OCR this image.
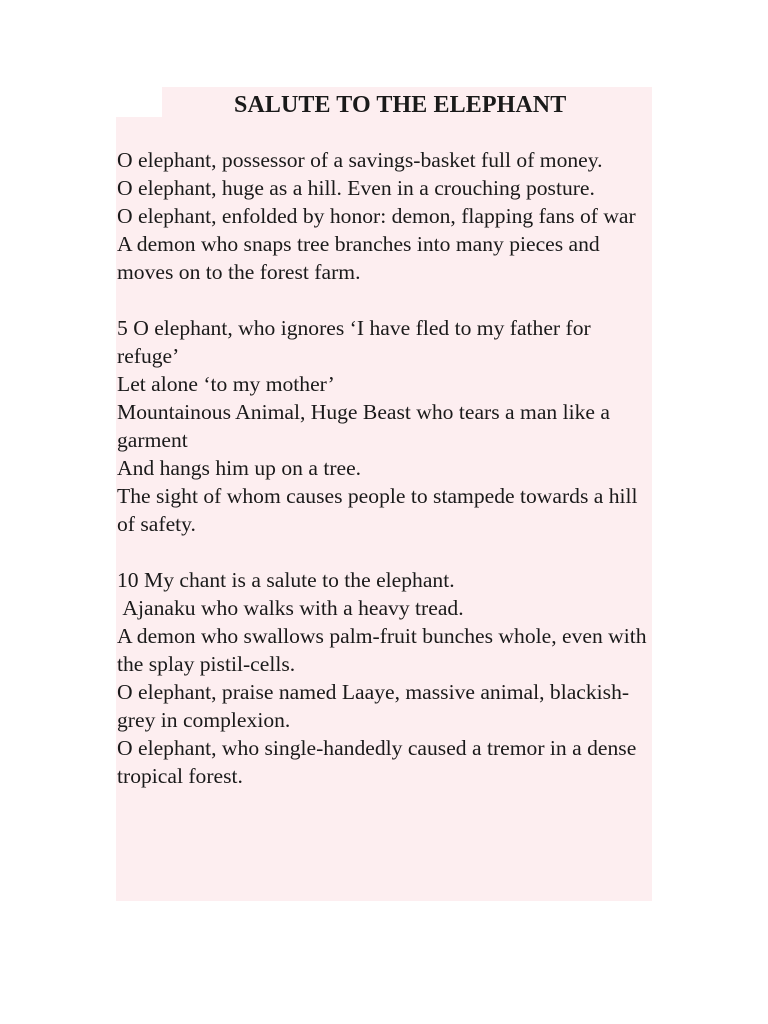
SALUTE TO THE ELEPHANT
O elephant, possessor of a savings-basket full of money.
O elephant, huge as a hill. Even in a crouching posture.
O elephant, enfolded by honor: demon, flapping fans of war
A demon who snaps tree branches into many pieces and moves on to the forest farm.
5 O elephant, who ignores ‘I have fled to my father for refuge’
Let alone ‘to my mother’
Mountainous Animal, Huge Beast who tears a man like a garment
And hangs him up on a tree.
The sight of whom causes people to stampede towards a hill of safety.
10 My chant is a salute to the elephant.
Ajanaku who walks with a heavy tread.
A demon who swallows palm-fruit bunches whole, even with the splay pistil-cells.
O elephant, praise named Laaye, massive animal, blackish-grey in complexion.
O elephant, who single-handedly caused a tremor in a dense tropical forest.
